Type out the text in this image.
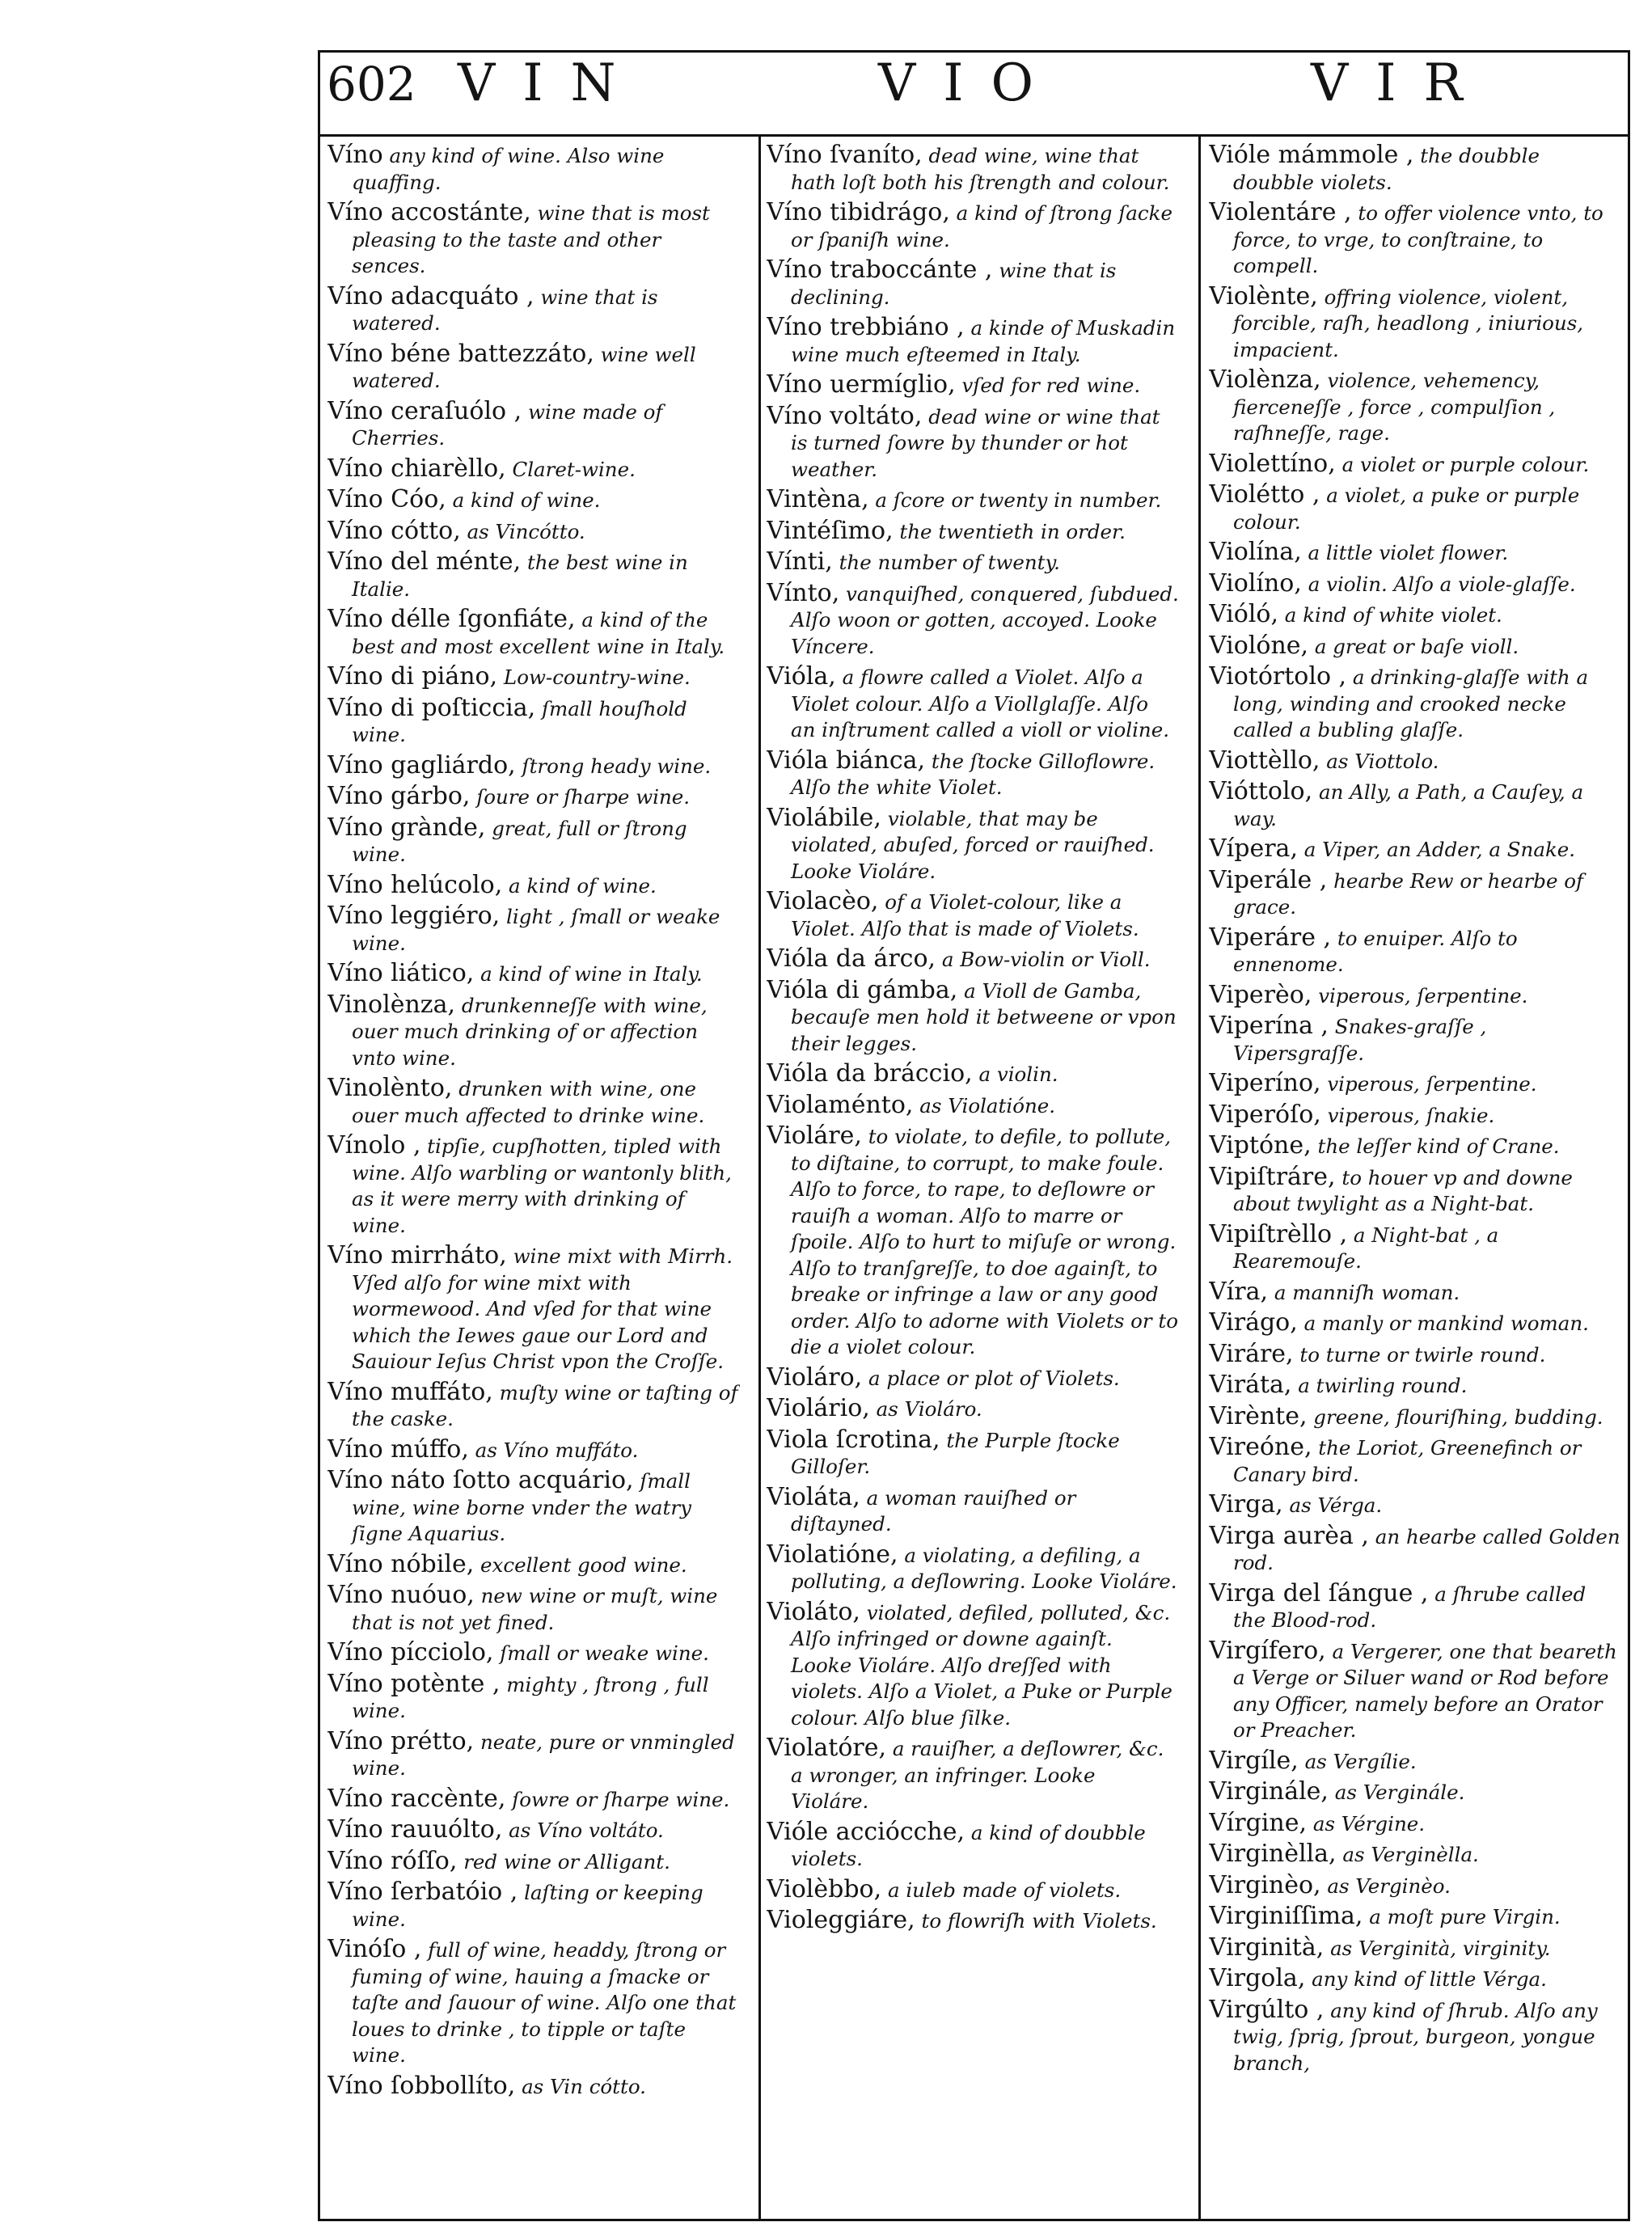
602 VIN	VIO	VIR
Víno any kind of wine. Also wine quaffing.
Víno accostánte, wine that is most pleasing to the taste and other sences.
Víno adacquáto , wine that is watered.
Víno béne battezzáto, wine well watered.
Víno ceraſuólo , wine made of Cherries.
Víno chiarèllo, Claret-wine.
Víno Cóo, a kind of wine.
Víno cótto, as Vincótto.
Víno del ménte, the best wine in Italie.
Víno délle ſgonfiáte, a kind of the best and most excellent wine in Italy.
Víno di piáno, Low-country-wine.
Víno di poſticcia, ſmall houſhold wine.
Víno gagliárdo, ſtrong heady wine.
Víno gárbo, ſoure or ſharpe wine.
Víno grànde, great, full or ſtrong wine.
Víno helúcolo, a kind of wine.
Víno leggiéro, light , ſmall or weake wine.
Víno liático, a kind of wine in Italy.
Vinolènza, drunkenneſſe with wine, ouer much drinking of or affection vnto wine.
Vinolènto, drunken with wine, one ouer much affected to drinke wine.
Vínolo , tipſie, cupſhotten, tipled with wine. Alſo warbling or wantonly blith, as it were merry with drinking of wine.
Víno mirrháto, wine mixt with Mirrh. Vſed alſo for wine mixt with wormewood. And vſed for that wine which the Iewes gaue our Lord and Sauiour Ieſus Christ vpon the Croſſe.
Víno muffáto, muſty wine or taſting of the caske.
Víno múffo, as Víno muffáto.
Víno náto ſotto acquário, ſmall wine, wine borne vnder the watry ſigne Aquarius.
Víno nóbile, excellent good wine.
Víno nuóuo, new wine or muſt, wine that is not yet fined.
Víno pícciolo, ſmall or weake wine.
Víno potènte , mighty , ſtrong , full wine.
Víno prétto, neate, pure or vnmingled wine.
Víno raccènte, ſowre or ſharpe wine.
Víno rauuólto, as Víno voltáto.
Víno róſſo, red wine or Alligant.
Víno ſerbatóio , laſting or keeping wine.
Vinóſo , full of wine, headdy, ſtrong or fuming of wine, hauing a ſmacke or taſte and ſauour of wine. Alſo one that loues to drinke , to tipple or taſte wine.
Víno ſobbollíto, as Vin cótto.
Víno ſvaníto, dead wine, wine that hath loſt both his ſtrength and colour.
Víno tibidrágo, a kind of ſtrong ſacke or ſpaniſh wine.
Víno traboccánte , wine that is declining.
Víno trebbiáno , a kinde of Muskadin wine much eſteemed in Italy.
Víno uermíglio, vſed for red wine.
Víno voltáto, dead wine or wine that is turned ſowre by thunder or hot weather.
Vintèna, a ſcore or twenty in number.
Vintéſimo, the twentieth in order.
Vínti, the number of twenty.
Vínto, vanquiſhed, conquered, ſubdued. Alſo woon or gotten, accoyed. Looke Víncere.
Vióla, a flowre called a Violet. Alſo a Violet colour. Alſo a Viollglaſſe. Alſo an inſtrument called a violl or violine.
Vióla biánca, the ſtocke Gilloflowre. Alſo the white Violet.
Violábile, violable, that may be violated, abuſed, forced or rauiſhed. Looke Violáre.
Violacèo, of a Violet-colour, like a Violet. Alſo that is made of Violets.
Vióla da árco, a Bow-violin or Violl.
Vióla di gámba, a Violl de Gamba, becauſe men hold it betweene or vpon their legges.
Vióla da bráccio, a violin.
Violaménto, as Violatióne.
Violáre, to violate, to defile, to pollute, to diſtaine, to corrupt, to make foule. Alſo to force, to rape, to deſlowre or rauiſh a woman. Alſo to marre or ſpoile. Alſo to hurt to miſuſe or wrong. Alſo to tranſgreſſe, to doe againſt, to breake or infringe a law or any good order. Alſo to adorne with Violets or to die a violet colour.
Violáro, a place or plot of Violets.
Violário, as Violáro.
Viola ſcrotina, the Purple ſtocke Gilloſer.
Violáta, a woman rauiſhed or diſtayned.
Violatióne, a violating, a defiling, a polluting, a deſlowring. Looke Violáre.
Violáto, violated, defiled, polluted, &c. Alſo infringed or downe againſt. Looke Violáre. Alſo dreſſed with violets. Alſo a Violet, a Puke or Purple colour. Alſo blue ſilke.
Violatóre, a rauiſher, a deſlowrer, &c. a wronger, an infringer. Looke Violáre.
Vióle acciócche, a kind of doubble violets.
Violèbbo, a iuleb made of violets.
Violeggiáre, to flowriſh with Violets.
Vióle mámmole , the doubble doubble violets.
Violentáre , to offer violence vnto, to force, to vrge, to conſtraine, to compell.
Violènte, offring violence, violent, forcible, raſh, headlong , iniurious, impacient.
Violènza, violence, vehemency, fierceneſſe , force , compulſion , raſhneſſe, rage.
Violettíno, a violet or purple colour.
Violétto , a violet, a puke or purple colour.
Violína, a little violet flower.
Violíno, a violin. Alſo a viole-glaſſe.
Vióló, a kind of white violet.
Violóne, a great or baſe violl.
Viotórtolo , a drinking-glaſſe with a long, winding and crooked necke called a bubling glaſſe.
Viottèllo, as Viottolo.
Vióttolo, an Ally, a Path, a Cauſey, a way.
Vípera, a Viper, an Adder, a Snake.
Viperále , hearbe Rew or hearbe of grace.
Viperáre , to enuiper. Alſo to ennenome.
Viperèo, viperous, ſerpentine.
Viperína , Snakes-graſſe , Vipersgraſſe.
Viperíno, viperous, ſerpentine.
Viperóſo, viperous, ſnakie.
Viptóne, the leſſer kind of Crane.
Vipiſtráre, to houer vp and downe about twylight as a Night-bat.
Vipiſtrèllo , a Night-bat , a Rearemouſe.
Víra, a manniſh woman.
Virágo, a manly or mankind woman.
Viráre, to turne or twirle round.
Viráta, a twirling round.
Virènte, greene, flouriſhing, budding.
Vireóne, the Loriot, Greenefinch or Canary bird.
Virga, as Vérga.
Virga aurèa , an hearbe called Golden rod.
Virga del ſángue , a ſhrube called the Blood-rod.
Virgífero, a Vergerer, one that beareth a Verge or Siluer wand or Rod before any Officer, namely before an Orator or Preacher.
Virgíle, as Vergílie.
Virginále, as Verginále.
Vírgine, as Vérgine.
Virginèlla, as Verginèlla.
Virginèo, as Verginèo.
Virginiſſima, a moſt pure Virgin.
Virginità, as Verginità, virginity.
Virgola, any kind of little Vérga.
Virgúlto , any kind of ſhrub. Alſo any twig, ſprig, ſprout, burgeon, yongue branch,
